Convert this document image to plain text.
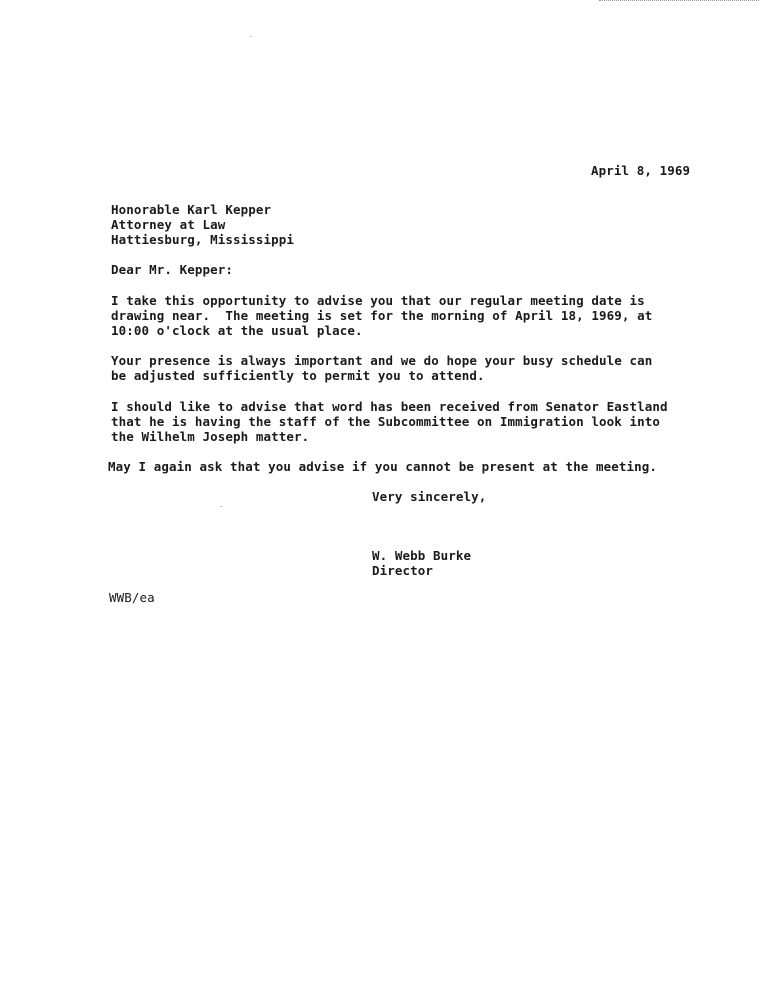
April 8, 1969
Honorable Karl Kepper
Attorney at Law
Hattiesburg, Mississippi
Dear Mr. Kepper:
I take this opportunity to advise you that our regular meeting date is
drawing near.  The meeting is set for the morning of April 18, 1969, at
10:00 o'clock at the usual place.
Your presence is always important and we do hope your busy schedule can
be adjusted sufficiently to permit you to attend.
I should like to advise that word has been received from Senator Eastland
that he is having the staff of the Subcommittee on Immigration look into
the Wilhelm Joseph matter.
May I again ask that you advise if you cannot be present at the meeting.
Very sincerely,
W. Webb Burke
Director
WWB/ea
